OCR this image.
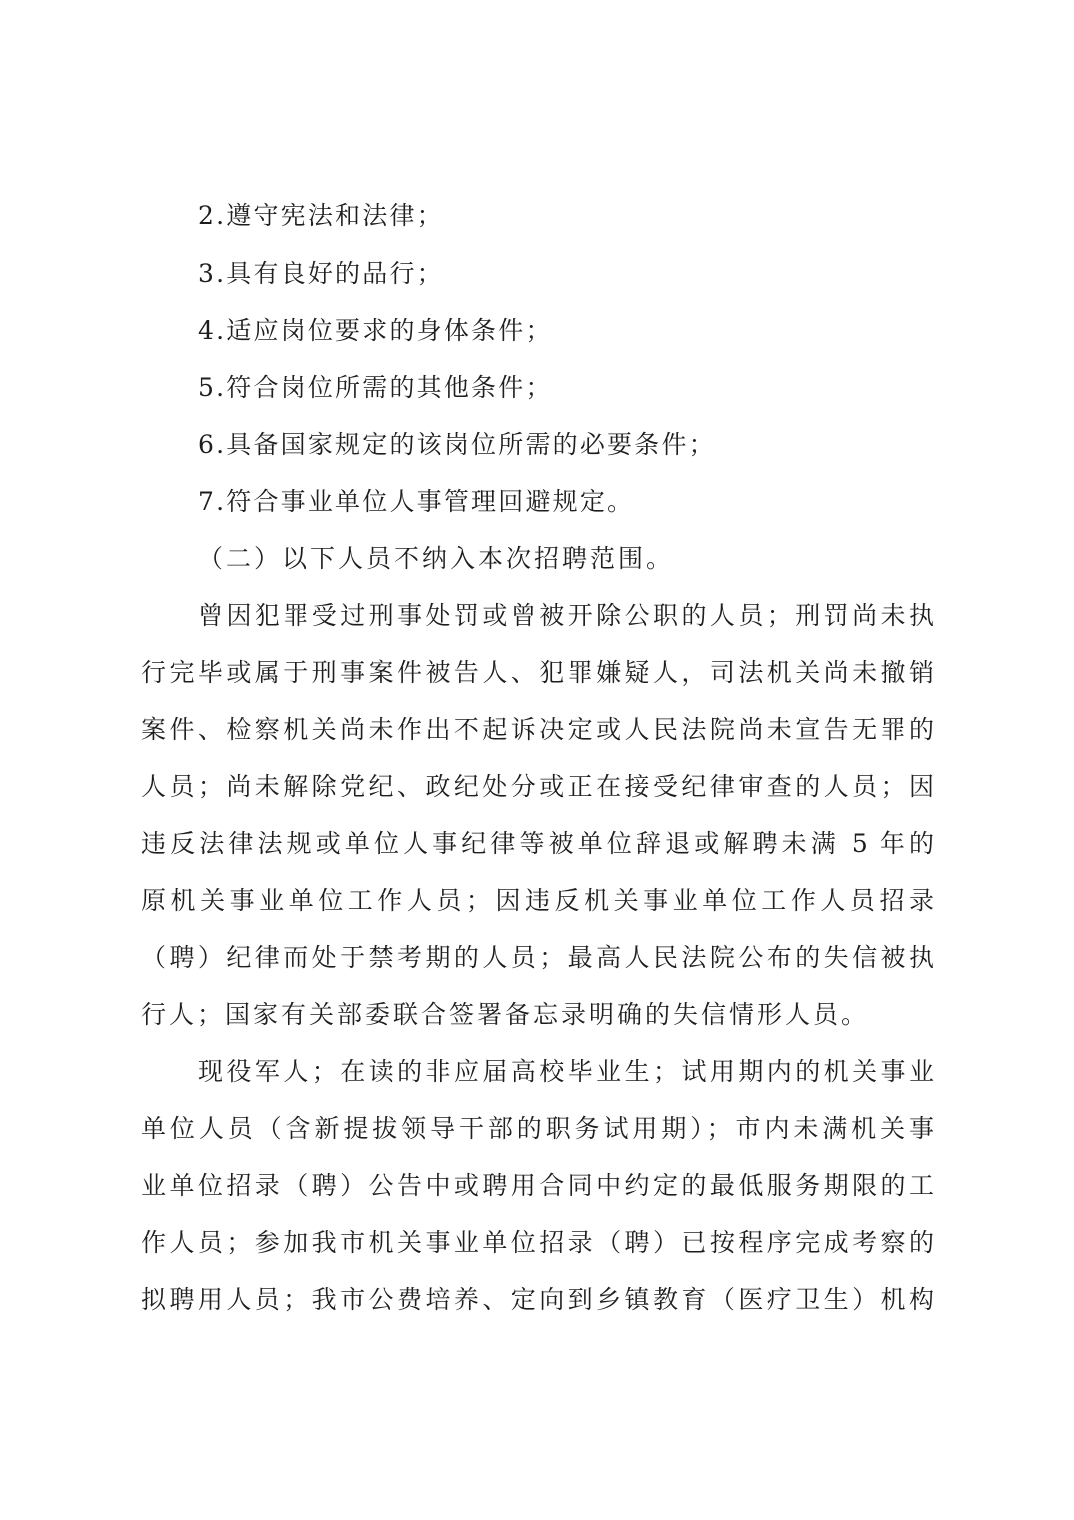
2.遵守宪法和法律；

3.具有良好的品行；

4.适应岗位要求的身体条件；

5.符合岗位所需的其他条件；

6.具备国家规定的该岗位所需的必要条件；

7.符合事业单位人事管理回避规定。

（二）以下人员不纳入本次招聘范围。

曾因犯罪受过刑事处罚或曾被开除公职的人员；刑罚尚未执

行完毕或属于刑事案件被告人、犯罪嫌疑人，司法机关尚未撤销

案件、检察机关尚未作出不起诉决定或人民法院尚未宣告无罪的

人员；尚未解除党纪、政纪处分或正在接受纪律审查的人员；因

违反法律法规或单位人事纪律等被单位辞退或解聘未满 5 年的

原机关事业单位工作人员；因违反机关事业单位工作人员招录

（聘）纪律而处于禁考期的人员；最高人民法院公布的失信被执

行人；国家有关部委联合签署备忘录明确的失信情形人员。

现役军人；在读的非应届高校毕业生；试用期内的机关事业

单位人员（含新提拔领导干部的职务试用期）；市内未满机关事

业单位招录（聘）公告中或聘用合同中约定的最低服务期限的工

作人员；参加我市机关事业单位招录（聘）已按程序完成考察的

拟聘用人员；我市公费培养、定向到乡镇教育（医疗卫生）机构
